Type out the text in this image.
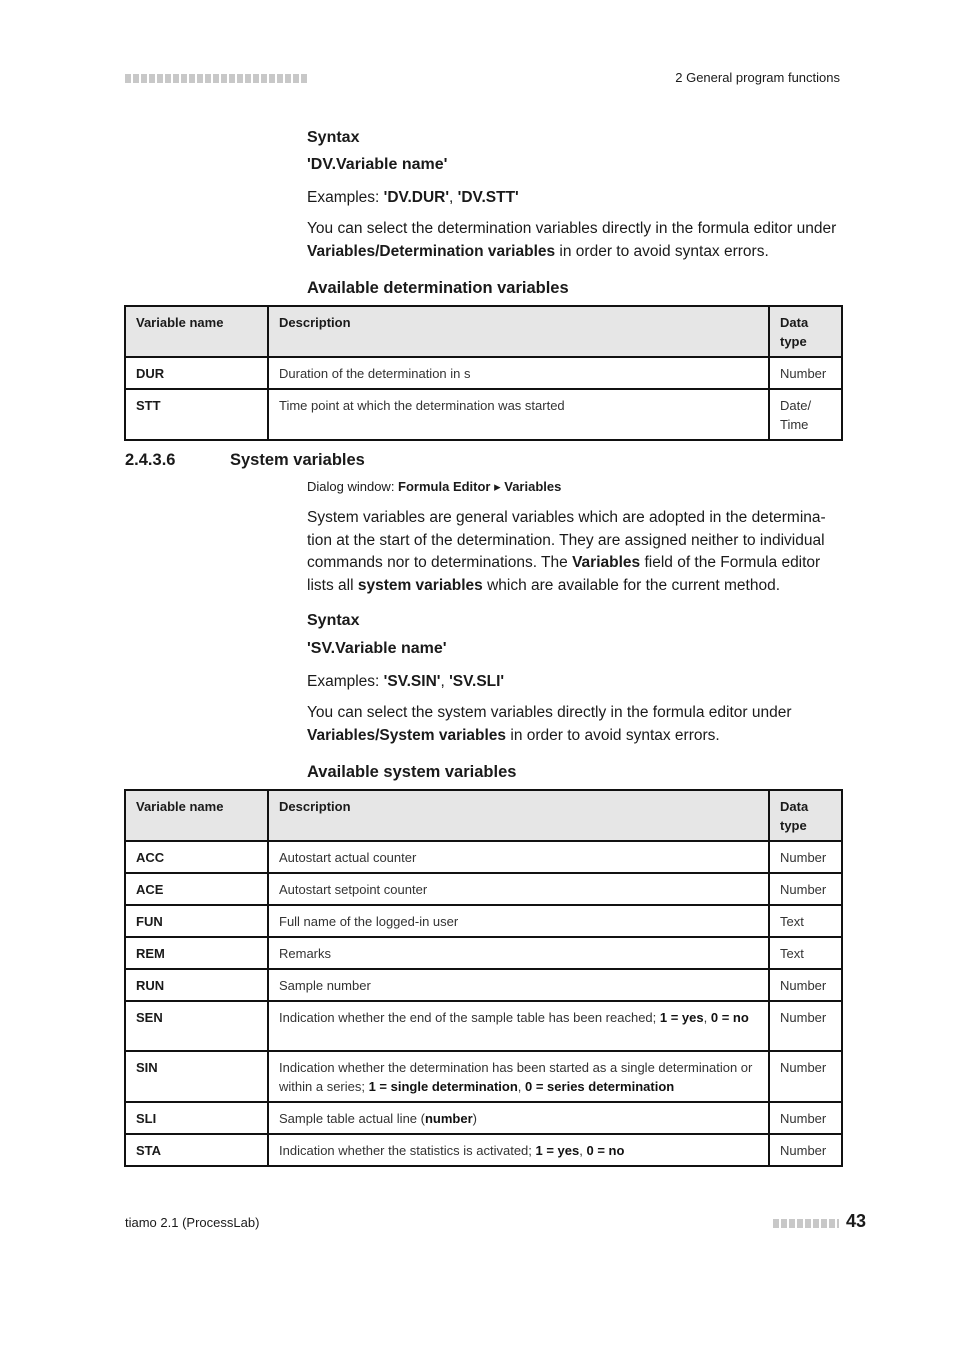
2 General program functions
Syntax
'DV.Variable name'
Examples: 'DV.DUR', 'DV.STT'
You can select the determination variables directly in the formula editor under Variables/Determination variables in order to avoid syntax errors.
Available determination variables
Variable name	Description	Data
type
DUR	Duration of the determination in s	Number
STT	Time point at which the determination was started	Date/
Time
2.4.3.6	System variables
Dialog window: Formula Editor ▸ Variables
System variables are general variables which are adopted in the determina-tion at the start of the determination. They are assigned neither to individual commands nor to determinations. The Variables field of the Formula editor lists all system variables which are available for the current method.
Syntax
'SV.Variable name'
Examples: 'SV.SIN', 'SV.SLI'
You can select the system variables directly in the formula editor under Variables/System variables in order to avoid syntax errors.
Available system variables
Variable name	Description	Data
type
ACC	Autostart actual counter	Number
ACE	Autostart setpoint counter	Number
FUN	Full name of the logged-in user	Text
REM	Remarks	Text
RUN	Sample number	Number
SEN	Indication whether the end of the sample table has been reached; 1 = yes, 0 = no	Number
SIN	Indication whether the determination has been started as a single determination or within a series; 1 = single determination, 0 = series determination	Number
SLI	Sample table actual line (number)	Number
STA	Indication whether the statistics is activated; 1 = yes, 0 = no	Number
tiamo 2.1 (ProcessLab)	43
